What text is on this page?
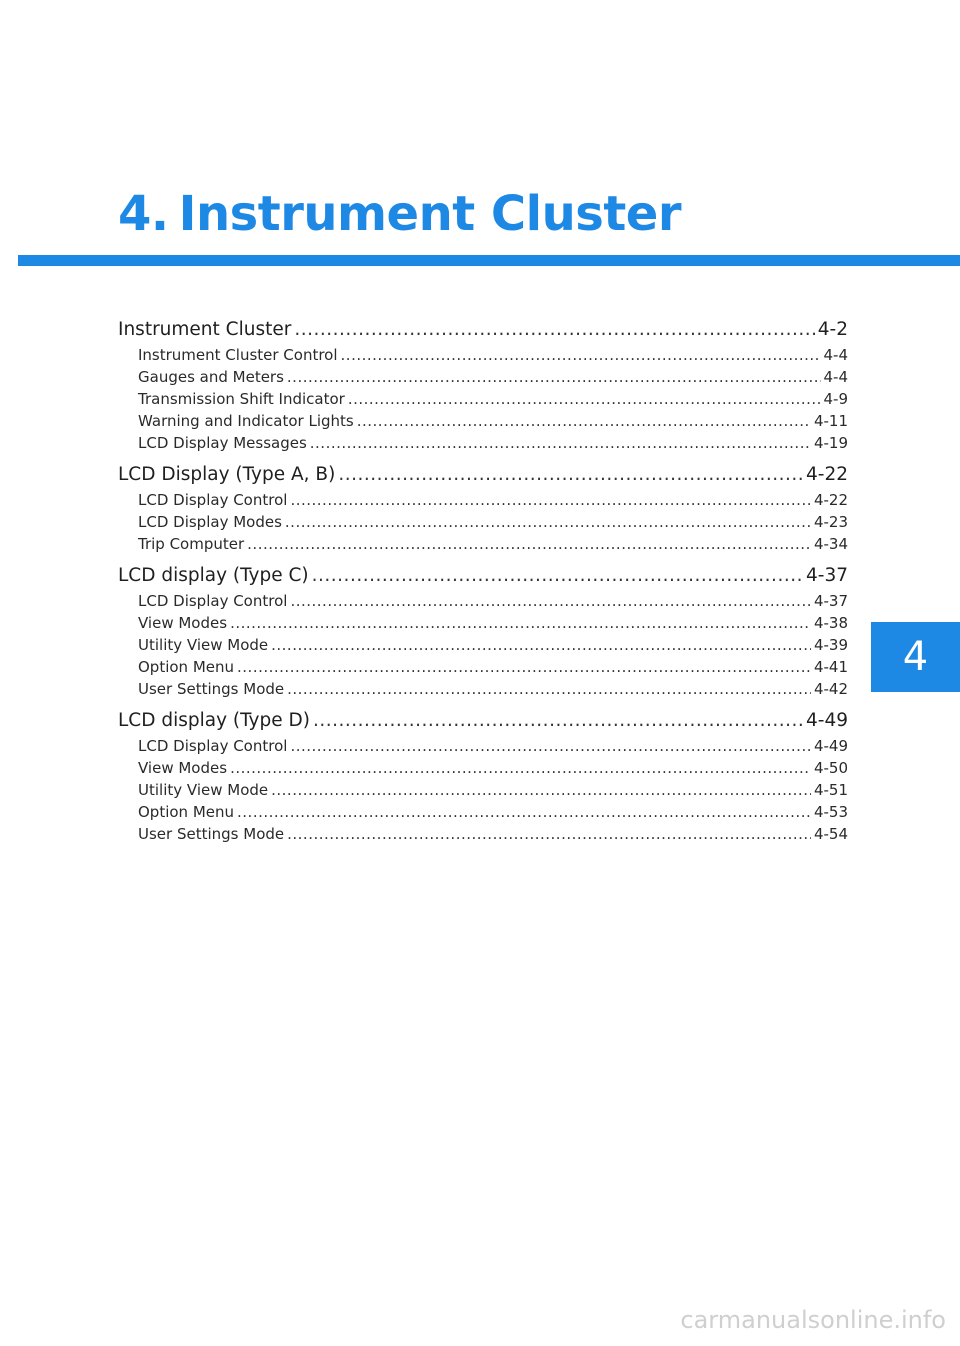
4. Instrument Cluster
Instrument Cluster .....	4-2
Instrument Cluster Control .....	4-4
Gauges and Meters .....	4-4
Transmission Shift Indicator .....	4-9
Warning and Indicator Lights .....	4-11
LCD Display Messages .....	4-19
LCD Display (Type A, B) .....	4-22
LCD Display Control .....	4-22
LCD Display Modes .....	4-23
Trip Computer .....	4-34
LCD display (Type C) .....	4-37
LCD Display Control .....	4-37
View Modes .....	4-38
Utility View Mode .....	4-39
Option Menu .....	4-41
User Settings Mode .....	4-42
LCD display (Type D) .....	4-49
LCD Display Control .....	4-49
View Modes .....	4-50
Utility View Mode .....	4-51
Option Menu .....	4-53
User Settings Mode .....	4-54
4
carmanualsonline.info
